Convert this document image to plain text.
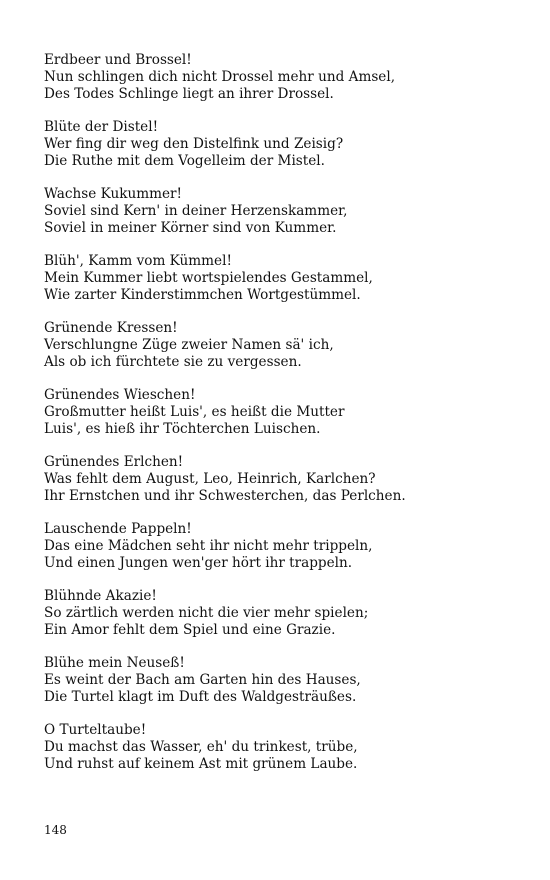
Erdbeer und Brossel!
Nun schlingen dich nicht Drossel mehr und Amsel,
Des Todes Schlinge liegt an ihrer Drossel.
Blüte der Distel!
Wer fing dir weg den Distelfink und Zeisig?
Die Ruthe mit dem Vogelleim der Mistel.
Wachse Kukummer!
Soviel sind Kern' in deiner Herzenskammer,
Soviel in meiner Körner sind von Kummer.
Blüh', Kamm vom Kümmel!
Mein Kummer liebt wortspielendes Gestammel,
Wie zarter Kinderstimmchen Wortgestümmel.
Grünende Kressen!
Verschlungne Züge zweier Namen sä' ich,
Als ob ich fürchtete sie zu vergessen.
Grünendes Wieschen!
Großmutter heißt Luis', es heißt die Mutter
Luis', es hieß ihr Töchterchen Luischen.
Grünendes Erlchen!
Was fehlt dem August, Leo, Heinrich, Karlchen?
Ihr Ernstchen und ihr Schwesterchen, das Perlchen.
Lauschende Pappeln!
Das eine Mädchen seht ihr nicht mehr trippeln,
Und einen Jungen wen'ger hört ihr trappeln.
Blühnde Akazie!
So zärtlich werden nicht die vier mehr spielen;
Ein Amor fehlt dem Spiel und eine Grazie.
Blühe mein Neuseß!
Es weint der Bach am Garten hin des Hauses,
Die Turtel klagt im Duft des Waldgesträußes.
O Turteltaube!
Du machst das Wasser, eh' du trinkest, trübe,
Und ruhst auf keinem Ast mit grünem Laube.
148
